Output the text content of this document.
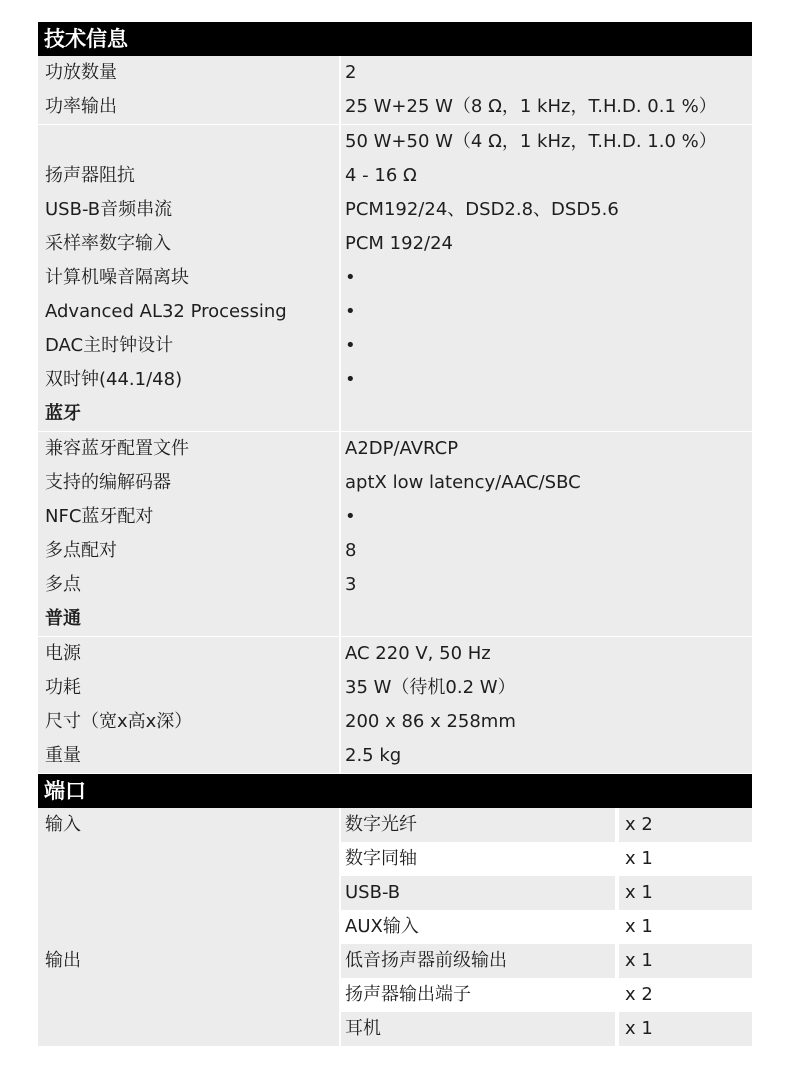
技术信息
功放数量	2
功率输出	25 W+25 W（8 Ω，1 kHz，T.H.D. 0.1 %）
50 W+50 W（4 Ω，1 kHz，T.H.D. 1.0 %）
扬声器阻抗	4 - 16 Ω
USB-B音频串流	PCM192/24、DSD2.8、DSD5.6
采样率数字输入	PCM 192/24
计算机噪音隔离块	•
Advanced AL32 Processing	•
DAC主时钟设计	•
双时钟(44.1/48)	•
蓝牙
兼容蓝牙配置文件	A2DP/AVRCP
支持的编解码器	aptX low latency/AAC/SBC
NFC蓝牙配对	•
多点配对	8
多点	3
普通
电源	AC 220 V, 50 Hz
功耗	35 W（待机0.2 W）
尺寸（宽x高x深）	200 x 86 x 258mm
重量	2.5 kg
端口
输入	数字光纤	x 2
数字同轴	x 1
USB-B	x 1
AUX输入	x 1
输出	低音扬声器前级输出	x 1
扬声器输出端子	x 2
耳机	x 1
